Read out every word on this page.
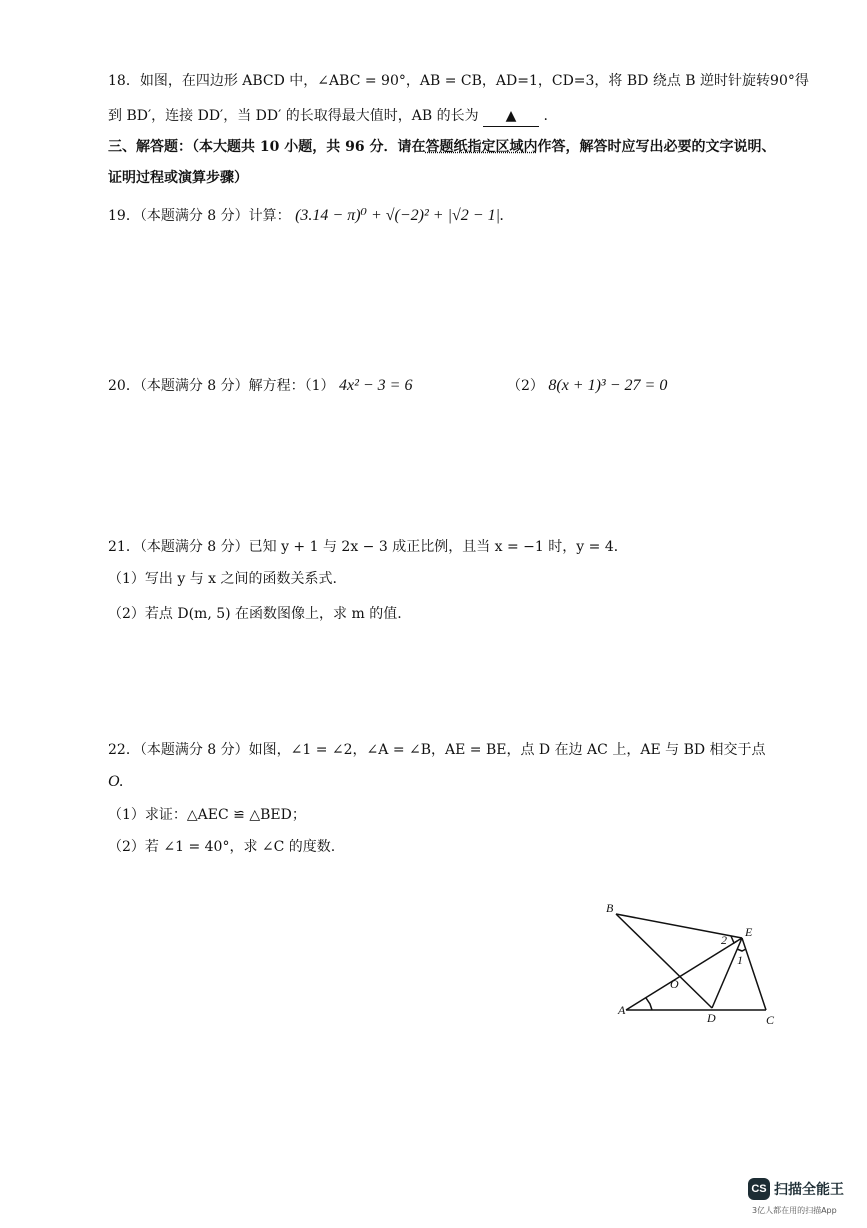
18．如图，在四边形 ABCD 中，∠ABC = 90°，AB = CB，AD=1，CD=3，将 BD 绕点 B 逆时针旋转90°得
到 BD′，连接 DD′，当 DD′ 的长取得最大值时，AB 的长为 ▲ .
三、解答题：（本大题共 10 小题，共 96 分．请在答题纸指定区域内作答，解答时应写出必要的文字说明、
证明过程或演算步骤）
19．（本题满分 8 分）计算： (3.14 − π)⁰ + √(−2)² + |√2 − 1|.
20．（本题满分 8 分）解方程：（1） 4x² − 3 = 6	（2） 8(x + 1)³ − 27 = 0
21．（本题满分 8 分）已知 y + 1 与 2x − 3 成正比例，且当 x = −1 时，y = 4．
（1）写出 y 与 x 之间的函数关系式.
（2）若点 D(m, 5) 在函数图像上，求 m 的值.
22．（本题满分 8 分）如图，∠1 = ∠2，∠A = ∠B，AE = BE，点 D 在边 AC 上，AE 与 BD 相交于点
O.
（1）求证：△AEC ≌ △BED；
（2）若 ∠1 = 40°，求 ∠C 的度数.
B
E
A
D	C
O
1
2
CS 扫描全能王
3亿人都在用的扫描App
